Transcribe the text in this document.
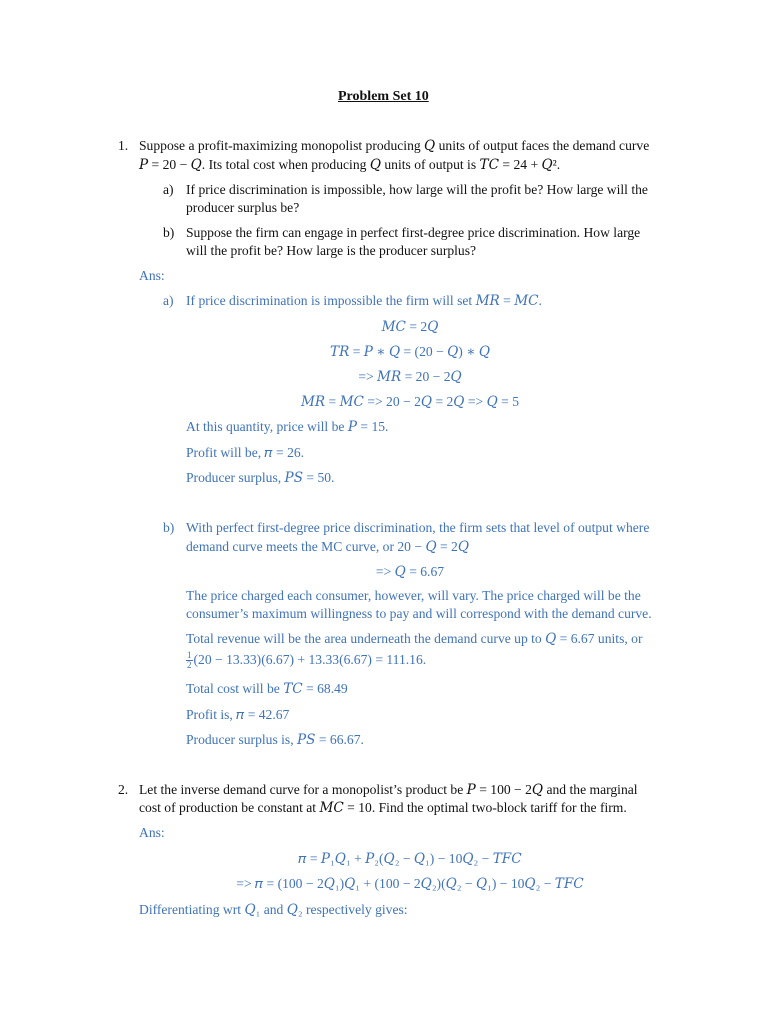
Problem Set 10
1. Suppose a profit-maximizing monopolist producing 𝑄 units of output faces the demand curve
𝑃 = 20 − 𝑄. Its total cost when producing 𝑄 units of output is 𝑇𝐶 = 24 + 𝑄².
a) If price discrimination is impossible, how large will the profit be? How large will the
producer surplus be?
b) Suppose the firm can engage in perfect first-degree price discrimination. How large
will the profit be? How large is the producer surplus?
Ans:
a) If price discrimination is impossible the firm will set 𝑀𝑅 = 𝑀𝐶.
𝑀𝐶 = 2𝑄
𝑇𝑅 = 𝑃 ∗ 𝑄 = (20 − 𝑄) ∗ 𝑄
=> 𝑀𝑅 = 20 − 2𝑄
𝑀𝑅 = 𝑀𝐶 => 20 − 2𝑄 = 2𝑄 => 𝑄 = 5
At this quantity, price will be 𝑃 = 15.
Profit will be, 𝜋 = 26.
Producer surplus, 𝑃𝑆 = 50.
b) With perfect first-degree price discrimination, the firm sets that level of output where
demand curve meets the MC curve, or 20 − 𝑄 = 2𝑄
=> 𝑄 = 6.67
The price charged each consumer, however, will vary. The price charged will be the
consumer’s maximum willingness to pay and will correspond with the demand curve.
Total revenue will be the area underneath the demand curve up to 𝑄 = 6.67 units, or
$\frac{1}{2} (20 - 13.33)(6.67) + 13.33(6.67) = 111.16$.
Total cost will be 𝑇𝐶 = 68.49
Profit is, 𝜋 = 42.67
Producer surplus is, 𝑃𝑆 = 66.67.
2. Let the inverse demand curve for a monopolist’s product be 𝑃 = 100 − 2𝑄 and the marginal
cost of production be constant at 𝑀𝐶 = 10. Find the optimal two-block tariff for the firm.
Ans:
𝜋 = 𝑃₁𝑄₁ + 𝑃₂(𝑄₂ − 𝑄₁) − 10𝑄₂ − 𝑇𝐹𝐶
=> 𝜋 = (100 − 2𝑄₁)𝑄₁ + (100 − 2𝑄₂)(𝑄₂ − 𝑄₁) − 10𝑄₂ − 𝑇𝐹𝐶
Differentiating wrt 𝑄₁ and 𝑄₂ respectively gives:
